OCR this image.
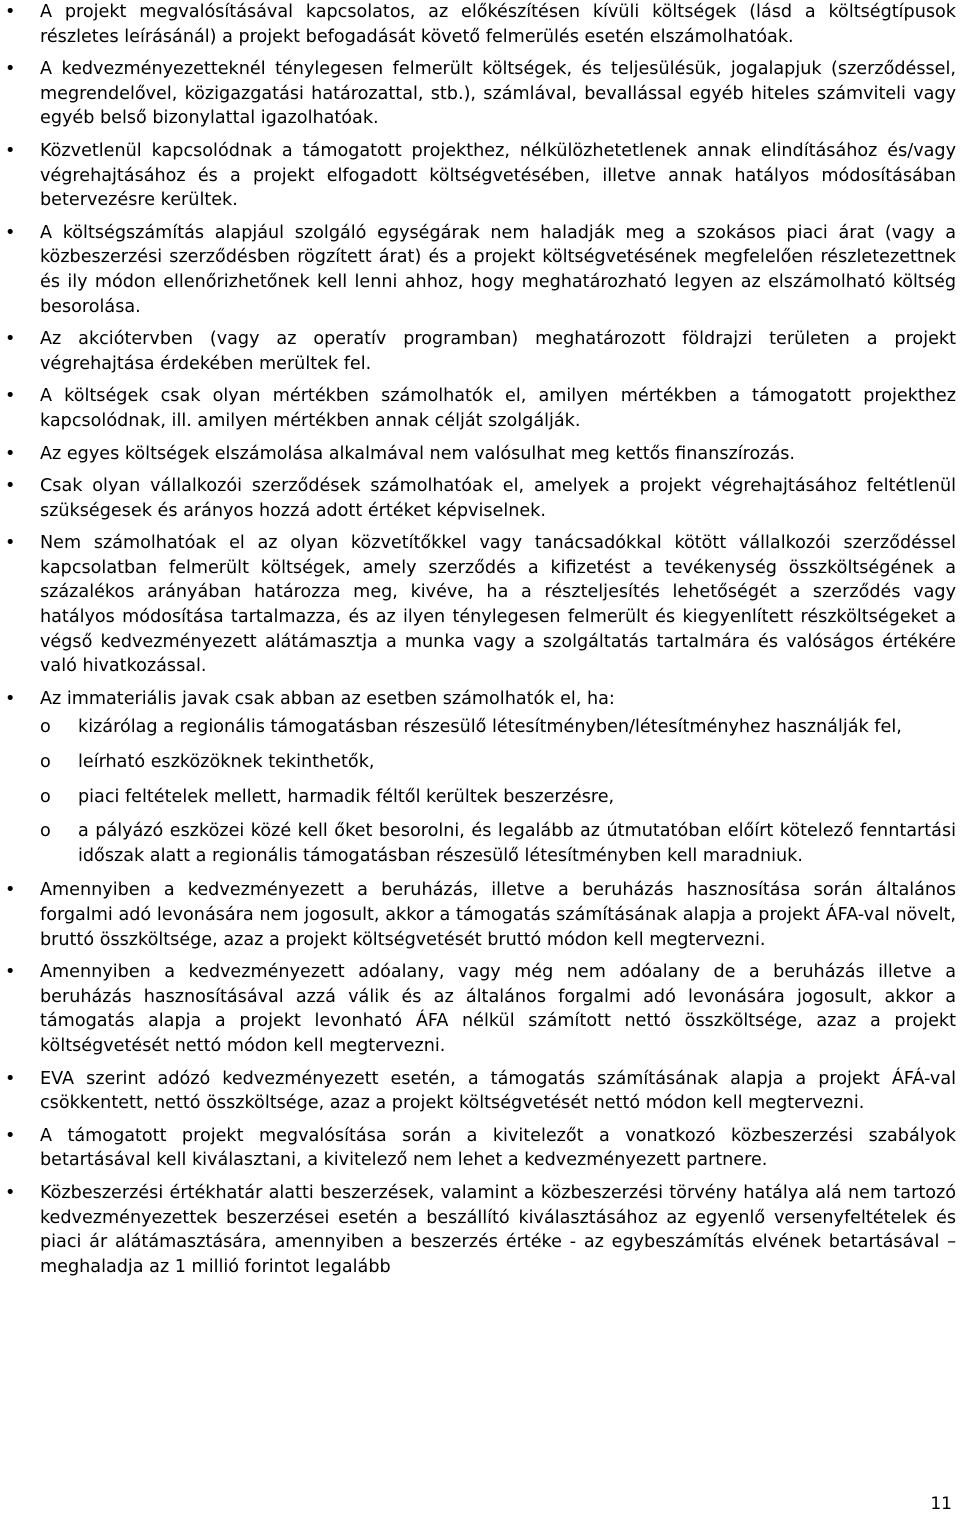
• A projekt megvalósításával kapcsolatos, az előkészítésen kívüli költségek (lásd a költségtípusok részletes leírásánál) a projekt befogadását követő felmerülés esetén elszámolhatóak.
• A kedvezményezetteknél ténylegesen felmerült költségek, és teljesülésük, jogalapjuk (szerződéssel, megrendelővel, közigazgatási határozattal, stb.), számlával, bevallással egyéb hiteles számviteli vagy egyéb belső bizonylattal igazolhatóak.
• Közvetlenül kapcsolódnak a támogatott projekthez, nélkülözhetetlenek annak elindításához és/vagy végrehajtásához és a projekt elfogadott költségvetésében, illetve annak hatályos módosításában betervezésre kerültek.
• A költségszámítás alapjául szolgáló egységárak nem haladják meg a szokásos piaci árat (vagy a közbeszerzési szerződésben rögzített árat) és a projekt költségvetésének megfelelően részletezettnek és ily módon ellenőrizhetőnek kell lenni ahhoz, hogy meghatározható legyen az elszámolható költség besorolása.
• Az akciótervben (vagy az operatív programban) meghatározott földrajzi területen a projekt végrehajtása érdekében merültek fel.
• A költségek csak olyan mértékben számolhatók el, amilyen mértékben a támogatott projekthez kapcsolódnak, ill. amilyen mértékben annak célját szolgálják.
• Az egyes költségek elszámolása alkalmával nem valósulhat meg kettős finanszírozás.
• Csak olyan vállalkozói szerződések számolhatóak el, amelyek a projekt végrehajtásához feltétlenül szükségesek és arányos hozzá adott értéket képviselnek.
• Nem számolhatóak el az olyan közvetítőkkel vagy tanácsadókkal kötött vállalkozói szerződéssel kapcsolatban felmerült költségek, amely szerződés a kifizetést a tevékenység összköltségének a százalékos arányában határozza meg, kivéve, ha a részteljesítés lehetőségét a szerződés vagy hatályos módosítása tartalmazza, és az ilyen ténylegesen felmerült és kiegyenlített részköltségeket a végső kedvezményezett alátámasztja a munka vagy a szolgáltatás tartalmára és valóságos értékére való hivatkozással.
• Az immateriális javak csak abban az esetben számolhatók el, ha:
o kizárólag a regionális támogatásban részesülő létesítményben/létesítményhez használják fel,
o leírható eszközöknek tekinthetők,
o piaci feltételek mellett, harmadik féltől kerültek beszerzésre,
o a pályázó eszközei közé kell őket besorolni, és legalább az útmutatóban előírt kötelező fenntartási időszak alatt a regionális támogatásban részesülő létesítményben kell maradniuk.
• Amennyiben a kedvezményezett a beruházás, illetve a beruházás hasznosítása során általános forgalmi adó levonására nem jogosult, akkor a támogatás számításának alapja a projekt ÁFA-val növelt, bruttó összköltsége, azaz a projekt költségvetését bruttó módon kell megtervezni.
• Amennyiben a kedvezményezett adóalany, vagy még nem adóalany de a beruházás illetve a beruházás hasznosításával azzá válik és az általános forgalmi adó levonására jogosult, akkor a támogatás alapja a projekt levonható ÁFA nélkül számított nettó összköltsége, azaz a projekt költségvetését nettó módon kell megtervezni.
• EVA szerint adózó kedvezményezett esetén, a támogatás számításának alapja a projekt ÁFÁ-val csökkentett, nettó összköltsége, azaz a projekt költségvetését nettó módon kell megtervezni.
• A támogatott projekt megvalósítása során a kivitelezőt a vonatkozó közbeszerzési szabályok betartásával kell kiválasztani, a kivitelező nem lehet a kedvezményezett partnere.
• Közbeszerzési értékhatár alatti beszerzések, valamint a közbeszerzési törvény hatálya alá nem tartozó kedvezményezettek beszerzései esetén a beszállító kiválasztásához az egyenlő versenyfeltételek és piaci ár alátámasztására, amennyiben a beszerzés értéke - az egybeszámítás elvének betartásával – meghaladja az 1 millió forintot legalább
11
